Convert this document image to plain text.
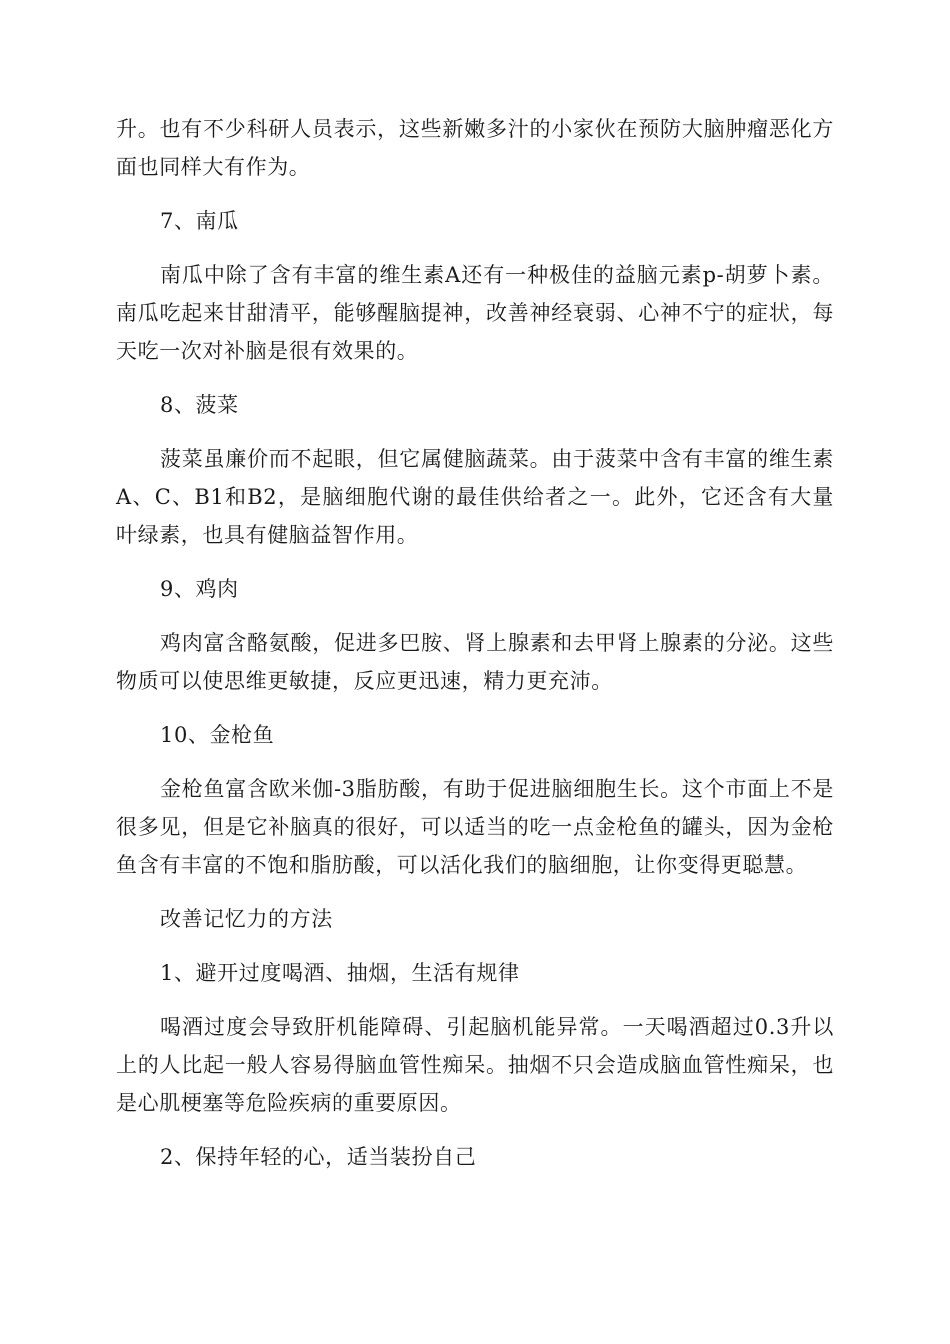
升。也有不少科研人员表示，这些新嫩多汁的小家伙在预防大脑肿瘤恶化方面也同样大有作为。

7、南瓜

南瓜中除了含有丰富的维生素A还有一种极佳的益脑元素p-胡萝卜素。南瓜吃起来甘甜清平，能够醒脑提神，改善神经衰弱、心神不宁的症状，每天吃一次对补脑是很有效果的。

8、菠菜

菠菜虽廉价而不起眼，但它属健脑蔬菜。由于菠菜中含有丰富的维生素A、C、B1和B2，是脑细胞代谢的最佳供给者之一。此外，它还含有大量叶绿素，也具有健脑益智作用。

9、鸡肉

鸡肉富含酪氨酸，促进多巴胺、肾上腺素和去甲肾上腺素的分泌。这些物质可以使思维更敏捷，反应更迅速，精力更充沛。

10、金枪鱼

金枪鱼富含欧米伽-3脂肪酸，有助于促进脑细胞生长。这个市面上不是很多见，但是它补脑真的很好，可以适当的吃一点金枪鱼的罐头，因为金枪鱼含有丰富的不饱和脂肪酸，可以活化我们的脑细胞，让你变得更聪慧。

改善记忆力的方法

1、避开过度喝酒、抽烟，生活有规律

喝酒过度会导致肝机能障碍、引起脑机能异常。一天喝酒超过0.3升以上的人比起一般人容易得脑血管性痴呆。抽烟不只会造成脑血管性痴呆，也是心肌梗塞等危险疾病的重要原因。

2、保持年轻的心，适当装扮自己
